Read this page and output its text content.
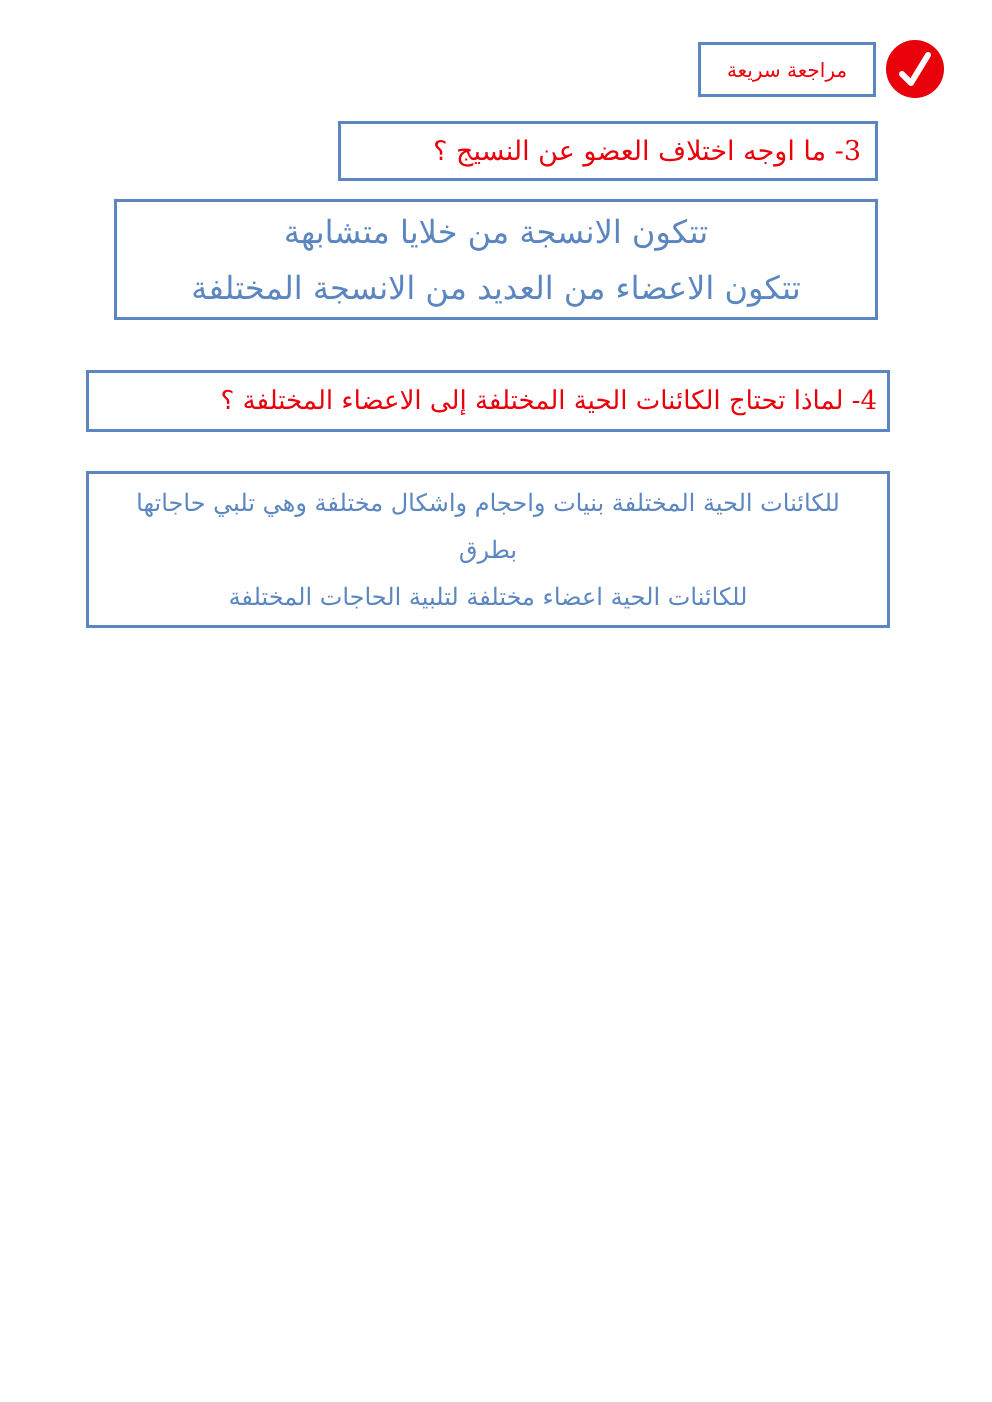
مراجعة سريعة
3- ما اوجه اختلاف العضو عن النسيج ؟
تتكون الانسجة من خلايا متشابهة
تتكون الاعضاء من العديد من الانسجة المختلفة
4- لماذا تحتاج الكائنات الحية المختلفة إلى الاعضاء المختلفة ؟
للكائنات الحية المختلفة بنيات واحجام واشكال مختلفة وهي تلبي حاجاتها بطرق
للكائنات الحية اعضاء مختلفة لتلبية الحاجات المختلفة
